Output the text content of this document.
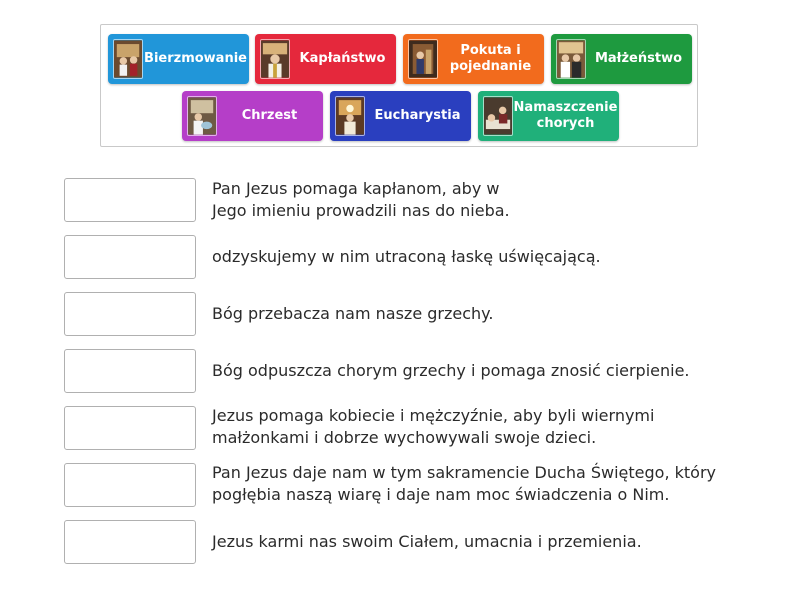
Bierzmowanie	Kapłaństwo
Pokuta i
pojednanie
Małżeństwo
Chrzest	Eucharystia
Namaszczenie
chorych
Pan Jezus pomaga kapłanom, aby w
Jego imieniu prowadzili nas do nieba.
odzyskujemy w nim utraconą łaskę uświęcającą.
Bóg przebacza nam nasze grzechy.
Bóg odpuszcza chorym grzechy i pomaga znosić cierpienie.
Jezus pomaga kobiecie i mężczyźnie, aby byli wiernymi
małżonkami i dobrze wychowywali swoje dzieci.
Pan Jezus daje nam w tym sakramencie Ducha Świętego, który
pogłębia naszą wiarę i daje nam moc świadczenia o Nim.
Jezus karmi nas swoim Ciałem, umacnia i przemienia.
